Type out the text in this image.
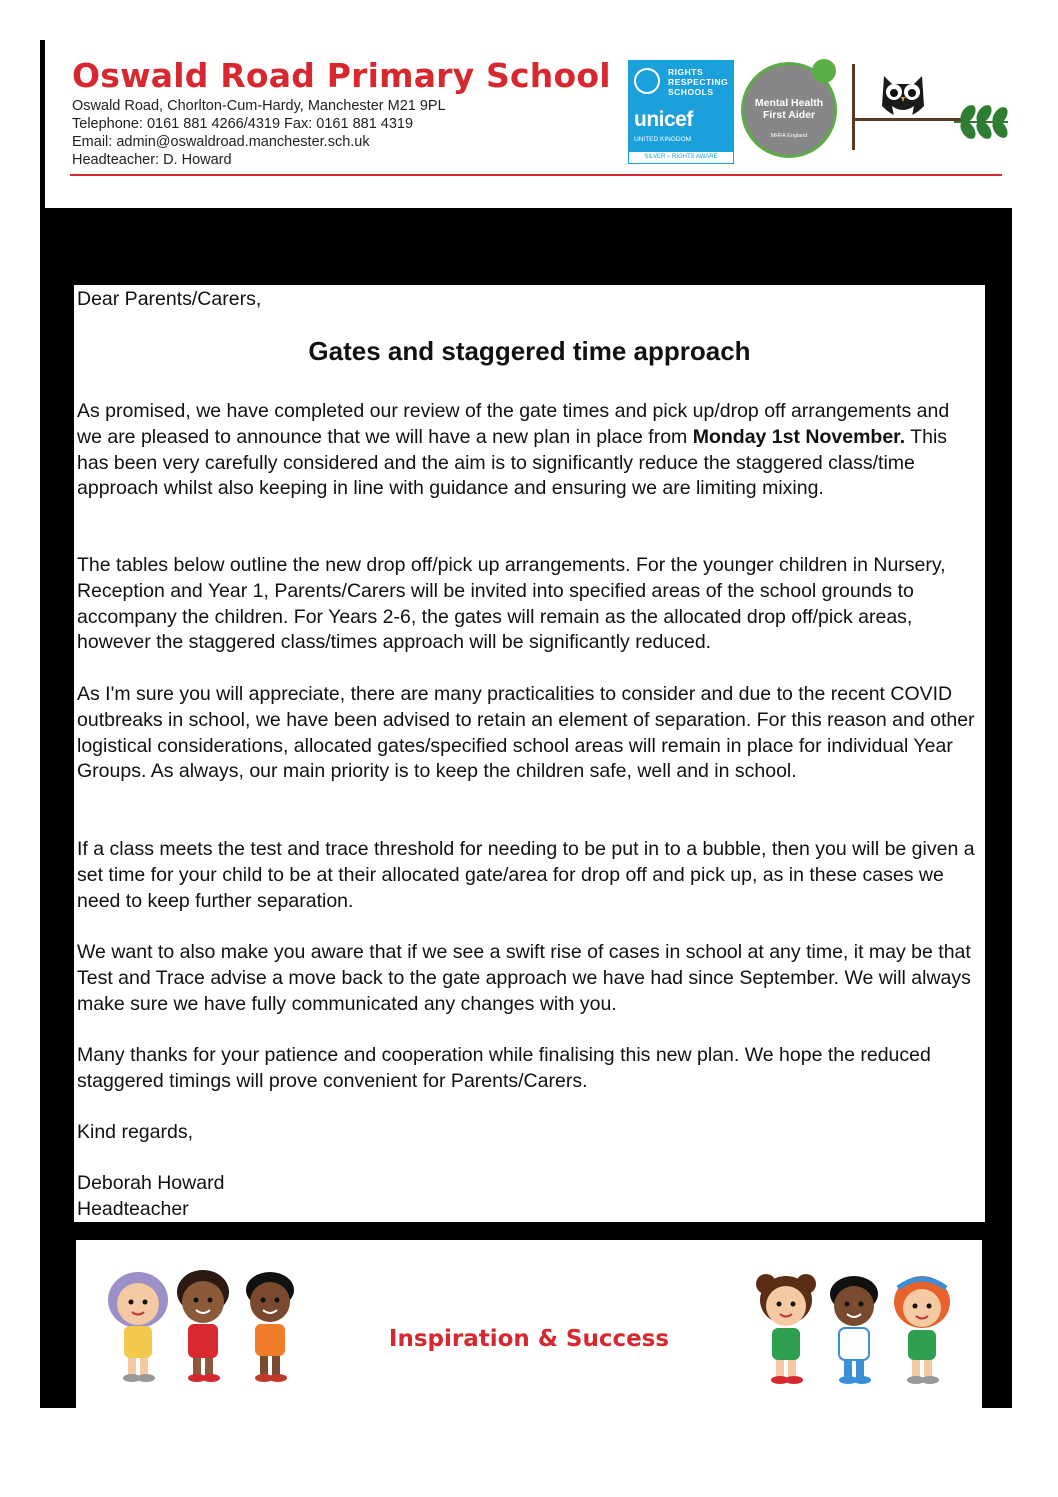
Oswald Road Primary School
Oswald Road, Chorlton-Cum-Hardy, Manchester M21 9PL
Telephone: 0161 881 4266/4319 Fax: 0161 881 4319
Email: admin@oswaldroad.manchester.sch.uk
Headteacher: D. Howard
RIGHTS RESPECTING SCHOOLS
unicef
UNITED KINGDOM
SILVER – RIGHTS AWARE
Mental Health First Aider
MHFA England

Dear Parents/Carers,

Gates and staggered time approach

As promised, we have completed our review of the gate times and pick up/drop off arrangements and we are pleased to announce that we will have a new plan in place from Monday 1st November. This has been very carefully considered and the aim is to significantly reduce the staggered class/time approach whilst also keeping in line with guidance and ensuring we are limiting mixing.

The tables below outline the new drop off/pick up arrangements. For the younger children in Nursery, Reception and Year 1, Parents/Carers will be invited into specified areas of the school grounds to accompany the children. For Years 2-6, the gates will remain as the allocated drop off/pick areas, however the staggered class/times approach will be significantly reduced.

As I'm sure you will appreciate, there are many practicalities to consider and due to the recent COVID outbreaks in school, we have been advised to retain an element of separation. For this reason and other logistical considerations, allocated gates/specified school areas will remain in place for individual Year Groups. As always, our main priority is to keep the children safe, well and in school.

If a class meets the test and trace threshold for needing to be put in to a bubble, then you will be given a set time for your child to be at their allocated gate/area for drop off and pick up, as in these cases we need to keep further separation.

We want to also make you aware that if we see a swift rise of cases in school at any time, it may be that Test and Trace advise a move back to the gate approach we have had since September. We will always make sure we have fully communicated any changes with you.

Many thanks for your patience and cooperation while finalising this new plan. We hope the reduced staggered timings will prove convenient for Parents/Carers.

Kind regards,

Deborah Howard

Headteacher

Inspiration & Success
